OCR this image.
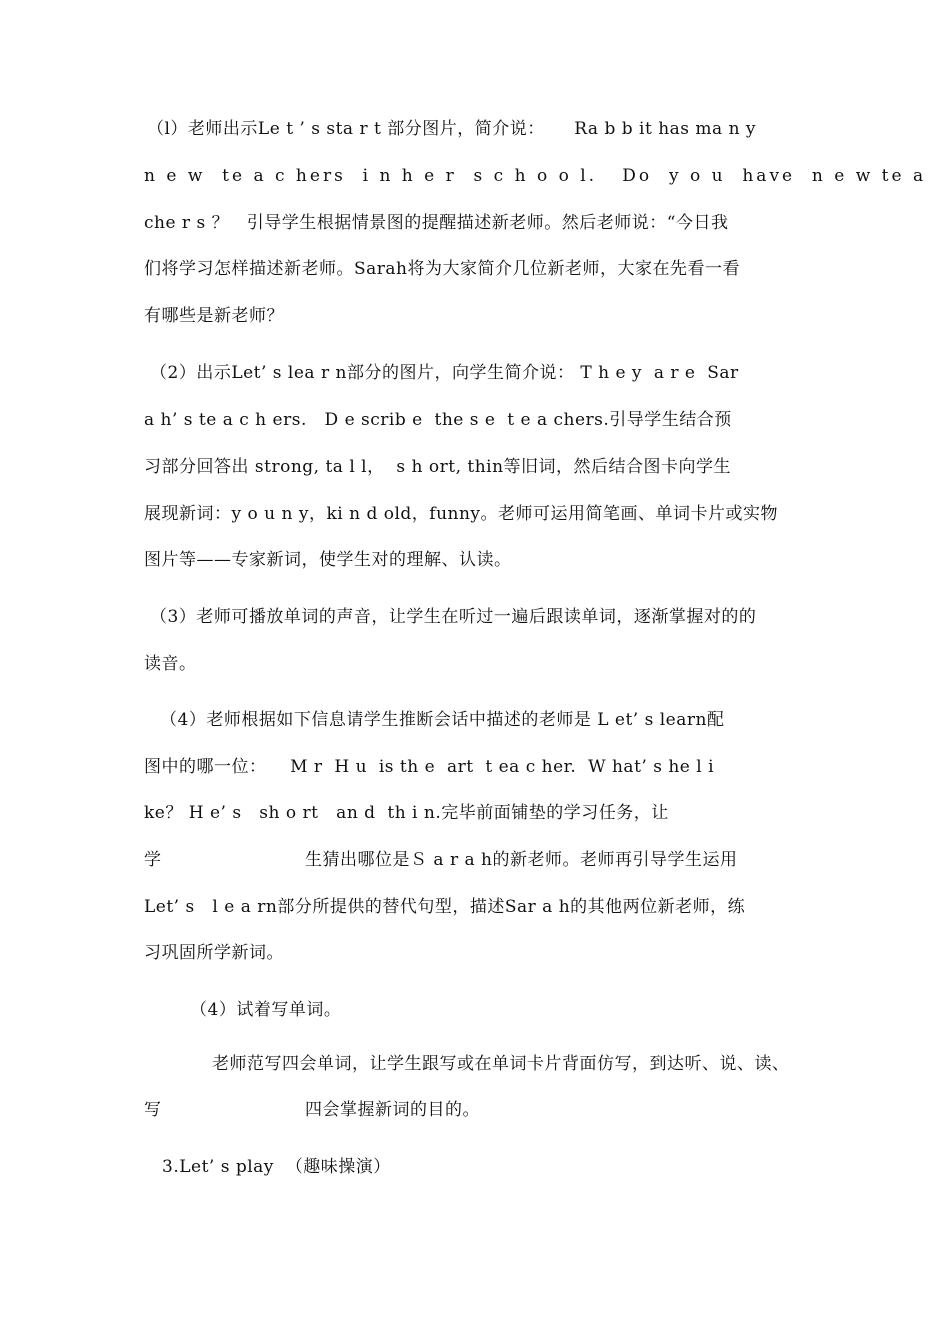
（l）老师出示Le t ’ s sta r t 部分图片，简介说：     Ra b b it has ma n y
n e w  te a c hers  i n h e r  s c h o o l.   Do  y o u  have  n e w te a
che r s ？   引导学生根据情景图的提醒描述新老师。然后老师说：“今日我
们将学习怎样描述新老师。Sarah将为大家简介几位新老师，大家在先看一看
有哪些是新老师？
（2）出示Let’ s lea r n部分的图片，向学生简介说： T h e y  a r e  Sar
a h’ s te a c h ers.   D e scrib e  the s e  t e a chers.引导学生结合预
习部分回答出 strong, ta l l，  s h ort, thin等旧词，然后结合图卡向学生
展现新词：y o u n y，ki n d old，funny。老师可运用简笔画、单词卡片或实物
图片等——专家新词，使学生对的理解、认读。
（3）老师可播放单词的声音，让学生在听过一遍后跟读单词，逐渐掌握对的的
读音。
（4）老师根据如下信息请学生推断会话中描述的老师是 L et’ s learn配
图中的哪一位：    M r  H u  is th e  art  t ea c her.  W hat’ s he l i
ke？ H e’ s   sh o rt   an d  th i n.完毕前面铺垫的学习任务，让
学	生猜出哪位是Ｓ a r a h的新老师。老师再引导学生运用
Let’ s   l e a rn部分所提供的替代句型，描述Sar a h的其他两位新老师，练
习巩固所学新词。
（4）试着写单词。
老师范写四会单词，让学生跟写或在单词卡片背面仿写，到达听、说、读、
写	四会掌握新词的目的。
3.Let’ s play  （趣味操演）
